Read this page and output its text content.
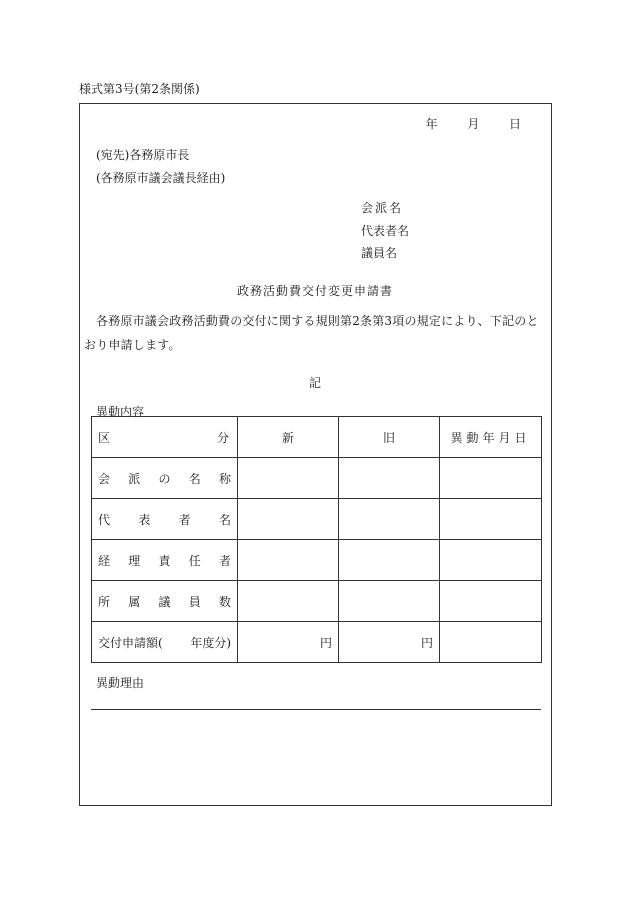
様式第3号(第2条関係)
年 月 日
(宛先)各務原市長
(各務原市議会議長経由)
会派名
代表者名
議員名
政務活動費交付変更申請書
各務原市議会政務活動費の交付に関する規則第2条第3項の規定により、下記のとおり申請します。
記
異動内容
区 分	新	旧	異動年月日

会 派 の 名 称			

代 表 者 名			

経 理 責 任 者			

所 属 議 員 数			

交付申請額( 年度分)	円	円	
異動理由
